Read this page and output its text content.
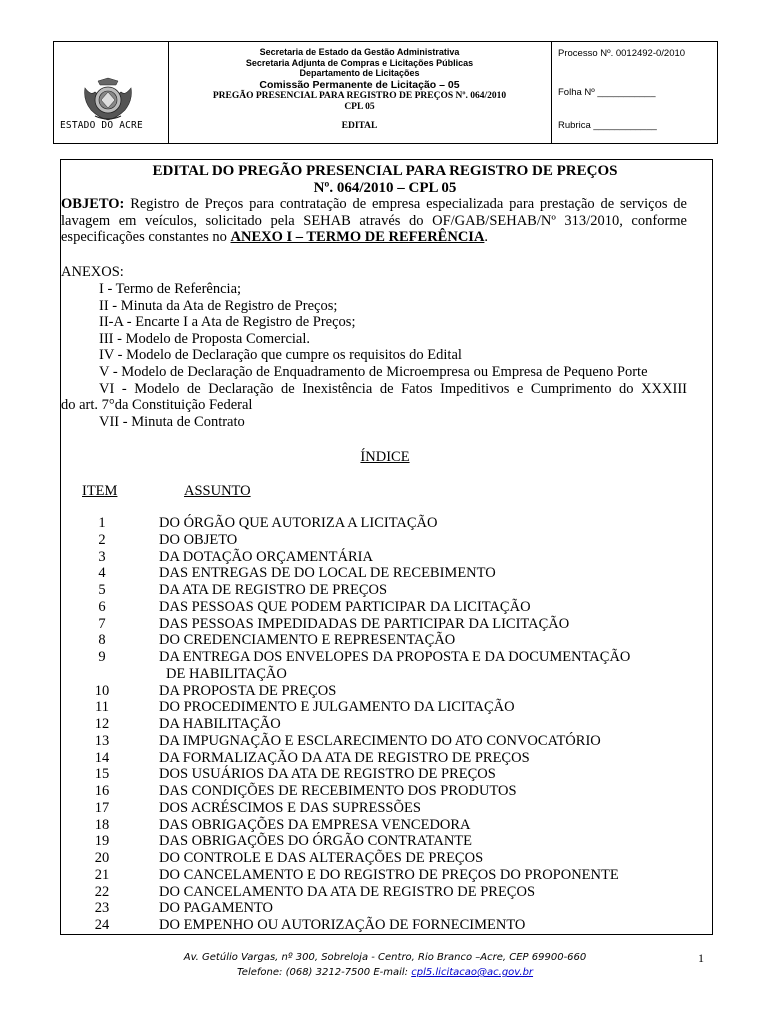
ESTADO DO ACRE
Secretaria de Estado da Gestão Administrativa
Secretaria Adjunta de Compras e Licitações Públicas
Departamento de Licitações
Comissão Permanente de Licitação – 05
PREGÃO PRESENCIAL PARA REGISTRO DE PREÇOS Nº. 064/2010
CPL 05
EDITAL
Processo Nº. 0012492-0/2010
Folha Nº ___________
Rubrica ____________
EDITAL DO PREGÃO PRESENCIAL PARA REGISTRO DE PREÇOS
Nº. 064/2010 – CPL 05
OBJETO: Registro de Preços para contratação de empresa especializada para prestação de serviços de lavagem em veículos, solicitado pela SEHAB através do OF/GAB/SEHAB/Nº 313/2010, conforme especificações constantes no ANEXO I – TERMO DE REFERÊNCIA.
ANEXOS:
I - Termo de Referência;
II - Minuta da Ata de Registro de Preços;
II-A - Encarte I a Ata de Registro de Preços;
III - Modelo de Proposta Comercial.
IV - Modelo de Declaração que cumpre os requisitos do Edital
V - Modelo de Declaração de Enquadramento de Microempresa ou Empresa de Pequeno Porte
VI - Modelo de Declaração de Inexistência de Fatos Impeditivos e Cumprimento do XXXIII
do art. 7°da Constituição Federal
VII - Minuta de Contrato
ÍNDICE
ITEM	ASSUNTO
1	DO ÓRGÃO QUE AUTORIZA A LICITAÇÃO
2	DO OBJETO
3	DA DOTAÇÃO ORÇAMENTÁRIA
4	DAS ENTREGAS DE DO LOCAL DE RECEBIMENTO
5	DA ATA DE REGISTRO DE PREÇOS
6	DAS PESSOAS QUE PODEM PARTICIPAR DA LICITAÇÃO
7	DAS PESSOAS IMPEDIDADAS DE PARTICIPAR DA LICITAÇÃO
8	DO CREDENCIAMENTO E REPRESENTAÇÃO
9	DA ENTREGA DOS ENVELOPES DA PROPOSTA E DA DOCUMENTAÇÃO
DE HABILITAÇÃO
10	DA PROPOSTA DE PREÇOS
11	DO PROCEDIMENTO E JULGAMENTO DA LICITAÇÃO
12	DA HABILITAÇÃO
13	DA IMPUGNAÇÃO E ESCLARECIMENTO DO ATO CONVOCATÓRIO
14	DA FORMALIZAÇÃO DA ATA DE REGISTRO DE PREÇOS
15	DOS USUÁRIOS DA ATA DE REGISTRO DE PREÇOS
16	DAS CONDIÇÕES DE RECEBIMENTO DOS PRODUTOS
17	DOS ACRÉSCIMOS E DAS SUPRESSÕES
18	DAS OBRIGAÇÕES DA EMPRESA VENCEDORA
19	DAS OBRIGAÇÕES DO ÓRGÃO CONTRATANTE
20	DO CONTROLE E DAS ALTERAÇÕES DE PREÇOS
21	DO CANCELAMENTO E DO REGISTRO DE PREÇOS DO PROPONENTE
22	DO CANCELAMENTO DA ATA DE REGISTRO DE PREÇOS
23	DO PAGAMENTO
24	DO EMPENHO OU AUTORIZAÇÃO DE FORNECIMENTO
Av. Getúlio Vargas, nº 300, Sobreloja - Centro, Rio Branco –Acre, CEP 69900-660
Telefone: (068) 3212-7500 E-mail: cpl5.licitacao@ac.gov.br
1
